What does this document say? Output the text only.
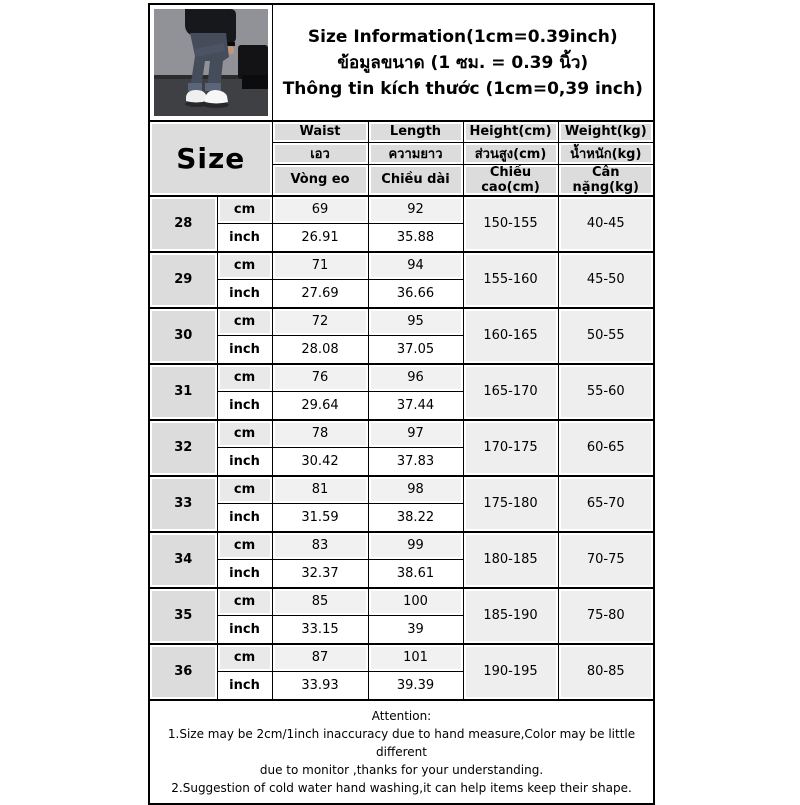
Size Information(1cm=0.39inch)
ข้อมูลขนาด (1 ซม. = 0.39 นิ้ว)
Thông tin kích thước (1cm=0,39 inch)			

Size		Waist	Length	Height(cm)	Weight(kg)
		เอว	ความยาว	ส่วนสูง(cm)	น้ำหนัก(kg)
		Vòng eo	Chiều dài	Chiều cao(cm)	Cân nặng(kg)
28	cm	69	92	150-155	40-45
	inch	26.91	35.88		
29	cm	71	94	155-160	45-50
	inch	27.69	36.66		
30	cm	72	95	160-165	50-55
	inch	28.08	37.05		
31	cm	76	96	165-170	55-60
	inch	29.64	37.44		
32	cm	78	97	170-175	60-65
	inch	30.42	37.83		
33	cm	81	98	175-180	65-70
	inch	31.59	38.22		
34	cm	83	99	180-185	70-75
	inch	32.37	38.61		
35	cm	85	100	185-190	75-80
	inch	33.15	39		
36	cm	87	101	190-195	80-85
	inch	33.93	39.39		

Attention:
1.Size may be 2cm/1inch inaccuracy due to hand measure,Color may be little different
due to monitor ,thanks for your understanding.
2.Suggestion of cold water hand washing,it can help items keep their shape.					
